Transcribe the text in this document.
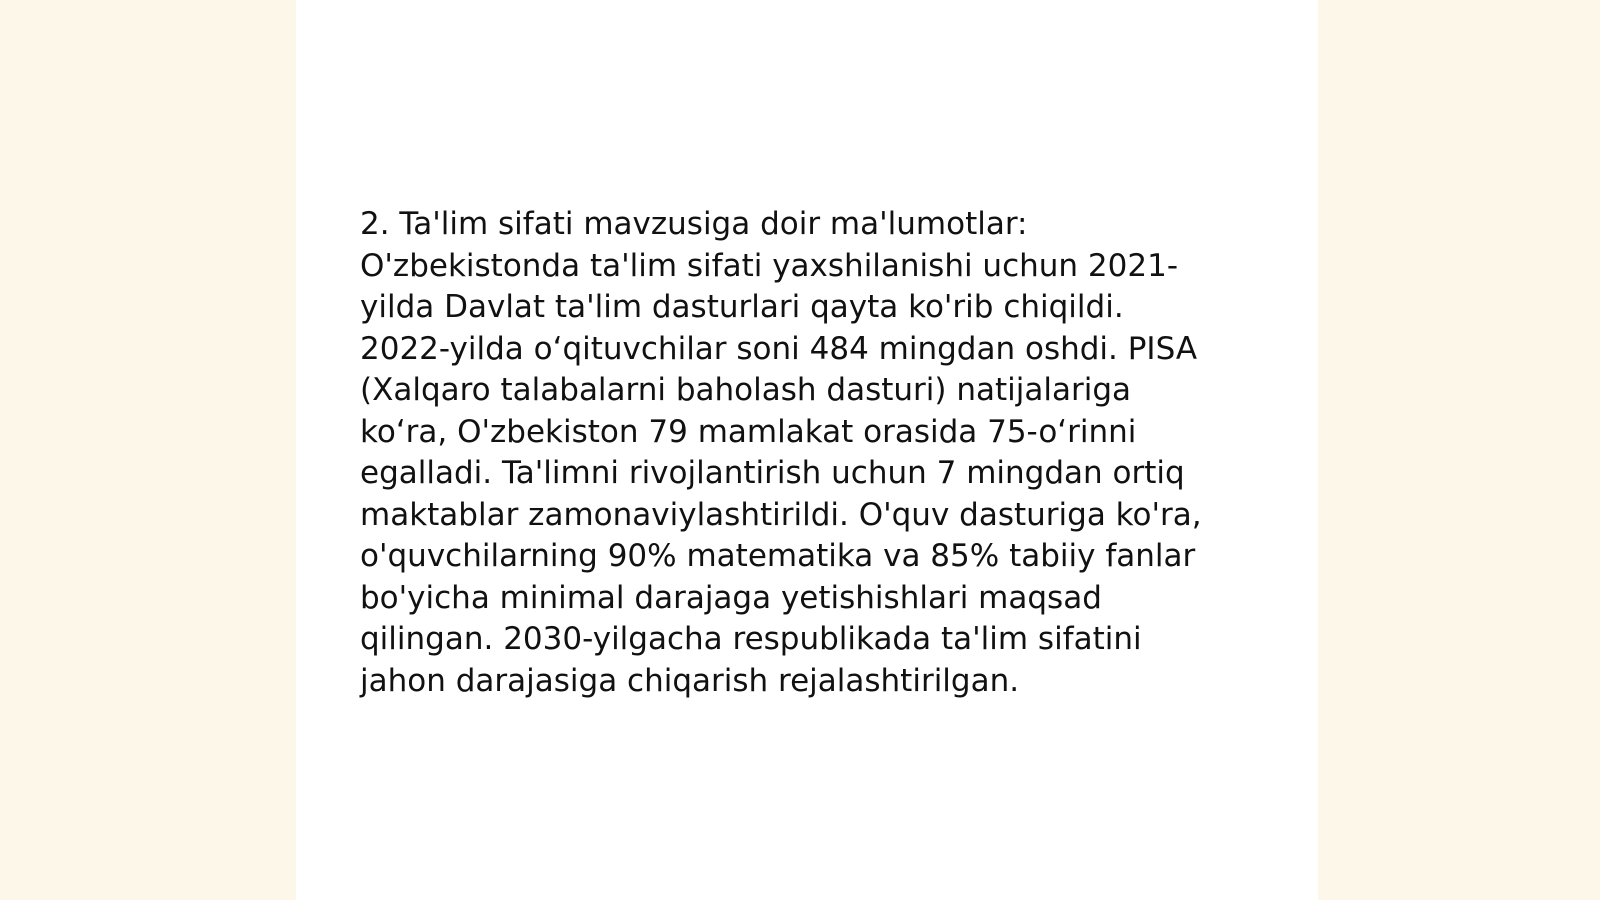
2. Ta'lim sifati mavzusiga doir ma'lumotlar:
O'zbekistonda ta'lim sifati yaxshilanishi uchun 2021-
yilda Davlat ta'lim dasturlari qayta ko'rib chiqildi.
2022-yilda oʻqituvchilar soni 484 mingdan oshdi. PISA
(Xalqaro talabalarni baholash dasturi) natijalariga
koʻra, O'zbekiston 79 mamlakat orasida 75-oʻrinni
egalladi. Ta'limni rivojlantirish uchun 7 mingdan ortiq
maktablar zamonaviylashtirildi. O'quv dasturiga ko'ra,
o'quvchilarning 90% matematika va 85% tabiiy fanlar
bo'yicha minimal darajaga yetishishlari maqsad
qilingan. 2030-yilgacha respublikada ta'lim sifatini
jahon darajasiga chiqarish rejalashtirilgan.
